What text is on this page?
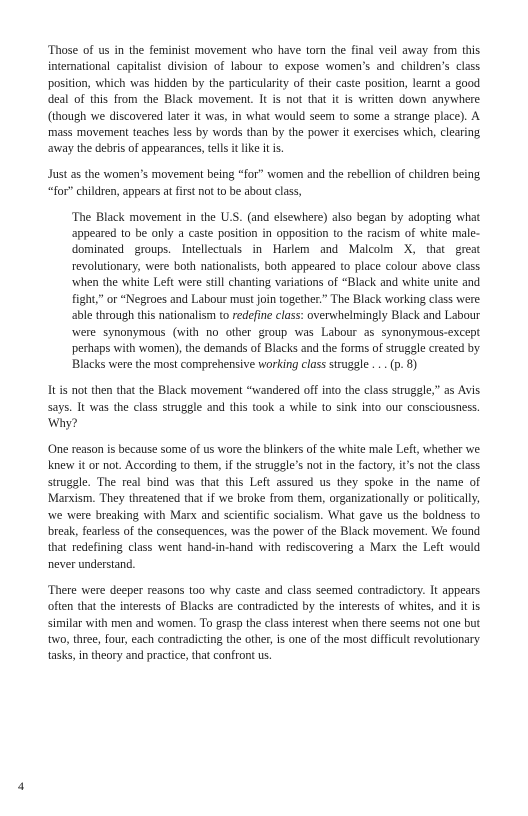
Those of us in the feminist movement who have torn the final veil away from this international capitalist division of labour to expose women’s and children’s class position, which was hidden by the particularity of their caste position, learnt a good deal of this from the Black movement. It is not that it is written down anywhere (though we discovered later it was, in what would seem to some a strange place). A mass movement teaches less by words than by the power it exercises which, clearing away the debris of appearances, tells it like it is.

Just as the women’s movement being “for” women and the rebellion of children being “for” children, appears at first not to be about class,

The Black movement in the U.S. (and elsewhere) also began by adopting what appeared to be only a caste position in opposition to the racism of white male-dominated groups. Intellectuals in Harlem and Malcolm X, that great revolutionary, were both nationalists, both appeared to place colour above class when the white Left were still chanting variations of “Black and white unite and fight,” or “Negroes and Labour must join together.” The Black working class were able through this nationalism to redefine class: overwhelmingly Black and Labour were synonymous (with no other group was Labour as synonymous-except perhaps with women), the demands of Blacks and the forms of struggle created by Blacks were the most comprehensive working class struggle . . . (p. 8)

It is not then that the Black movement “wandered off into the class struggle,” as Avis says. It was the class struggle and this took a while to sink into our consciousness. Why?

One reason is because some of us wore the blinkers of the white male Left, whether we knew it or not. According to them, if the struggle’s not in the factory, it’s not the class struggle. The real bind was that this Left assured us they spoke in the name of Marxism. They threatened that if we broke from them, organizationally or politically, we were breaking with Marx and scientific socialism. What gave us the boldness to break, fearless of the consequences, was the power of the Black movement. We found that redefining class went hand-in-hand with rediscovering a Marx the Left would never understand.

There were deeper reasons too why caste and class seemed contradictory. It appears often that the interests of Blacks are contradicted by the interests of whites, and it is similar with men and women. To grasp the class interest when there seems not one but two, three, four, each contradicting the other, is one of the most difficult revolutionary tasks, in theory and practice, that confront us.

4
